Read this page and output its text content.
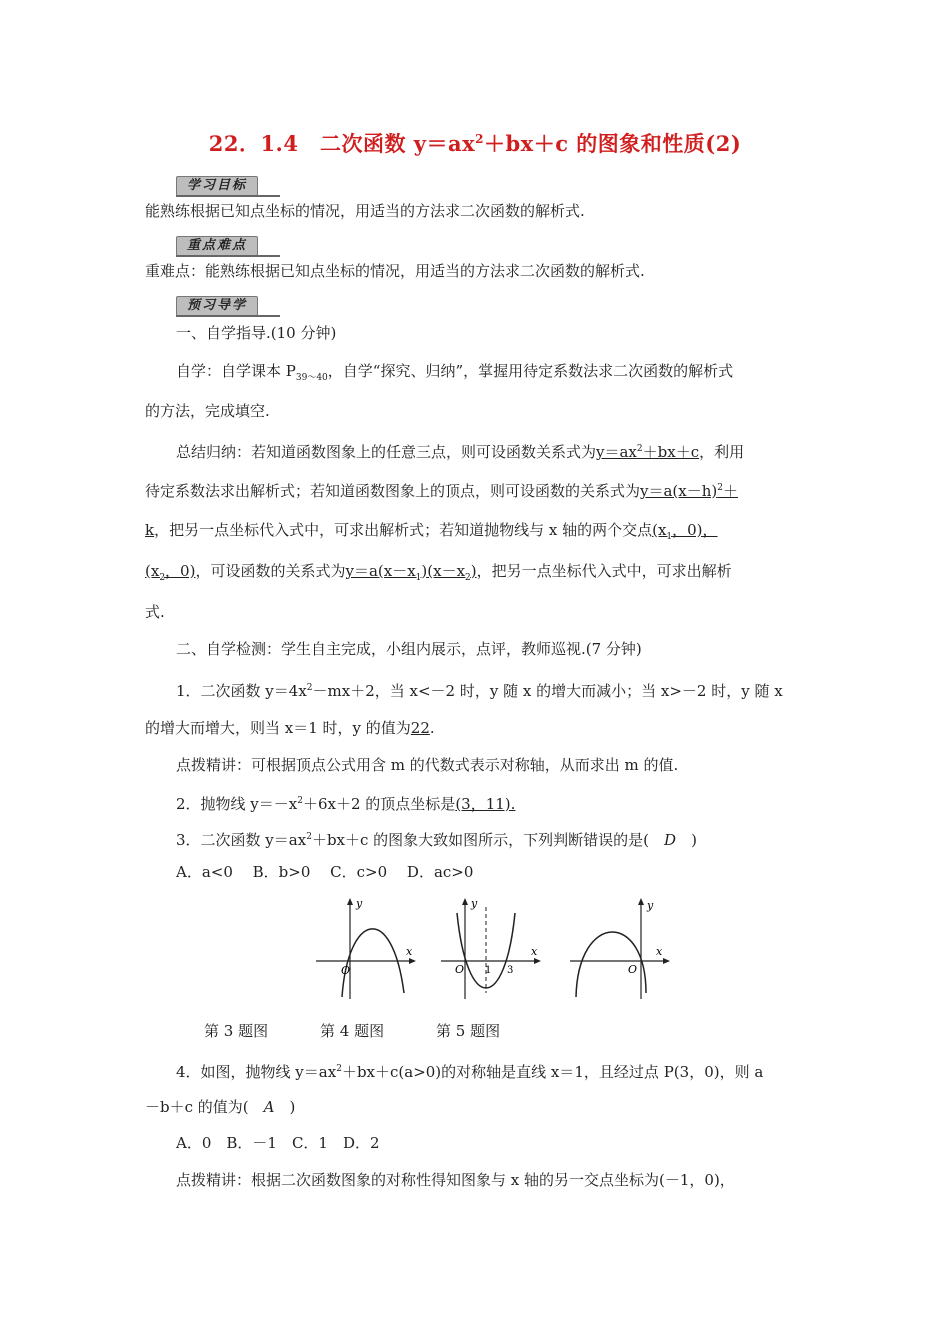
22．1.4　二次函数 $y=ax^2+bx+c$ 的图象和性质(2)
学习目标
能熟练根据已知点坐标的情况，用适当的方法求二次函数的解析式.
重点难点
重难点：能熟练根据已知点坐标的情况，用适当的方法求二次函数的解析式.
预习导学
一、自学指导.(10 分钟)
自学：自学课本 $P_{39\sim 40}$，自学“探究、归纳”，掌握用待定系数法求二次函数的解析式
的方法，完成填空.
总结归纳：若知道函数图象上的任意三点，则可设函数关系式为$y=ax^2+bx+c$，利用
待定系数法求出解析式；若知道函数图象上的顶点，则可设函数的关系式为$y=a(x-h)^2+$
k，把另一点坐标代入式中，可求出解析式；若知道抛物线与 x 轴的两个交点($x_1$，0)，
($x_2$，0)，可设函数的关系式为$y=a(x-x_1)(x-x_2)$，把另一点坐标代入式中，可求出解析
式.
二、自学检测：学生自主完成，小组内展示，点评，教师巡视.(7 分钟)
1．二次函数 $y=4x^2-mx+2$，当 x<－2 时，y 随 x 的增大而减小；当 x>－2 时，y 随 x
的增大而增大，则当 x＝1 时，y 的值为22.
点拨精讲：可根据顶点公式用含 m 的代数式表示对称轴，从而求出 m 的值.
2．抛物线 $y=-x^2+6x+2$ 的顶点坐标是(3，11).
3．二次函数 $y=ax^2+bx+c$ 的图象大致如图所示，下列判断错误的是(　D　)
A．a<0　 B．b>0　 C．c>0　 D．ac>0
y
x
O
y
x
O 1 3
y
x
O
第 3 题图	第 4 题图	第 5 题图
4．如图，抛物线 $y=ax^2+bx+c(a>0)$的对称轴是直线 x＝1，且经过点 P(3，0)，则 a
－b＋c 的值为(　A　)
A．0　B．－1　C．1　D．2
点拨精讲：根据二次函数图象的对称性得知图象与 x 轴的另一交点坐标为(－1，0)，
